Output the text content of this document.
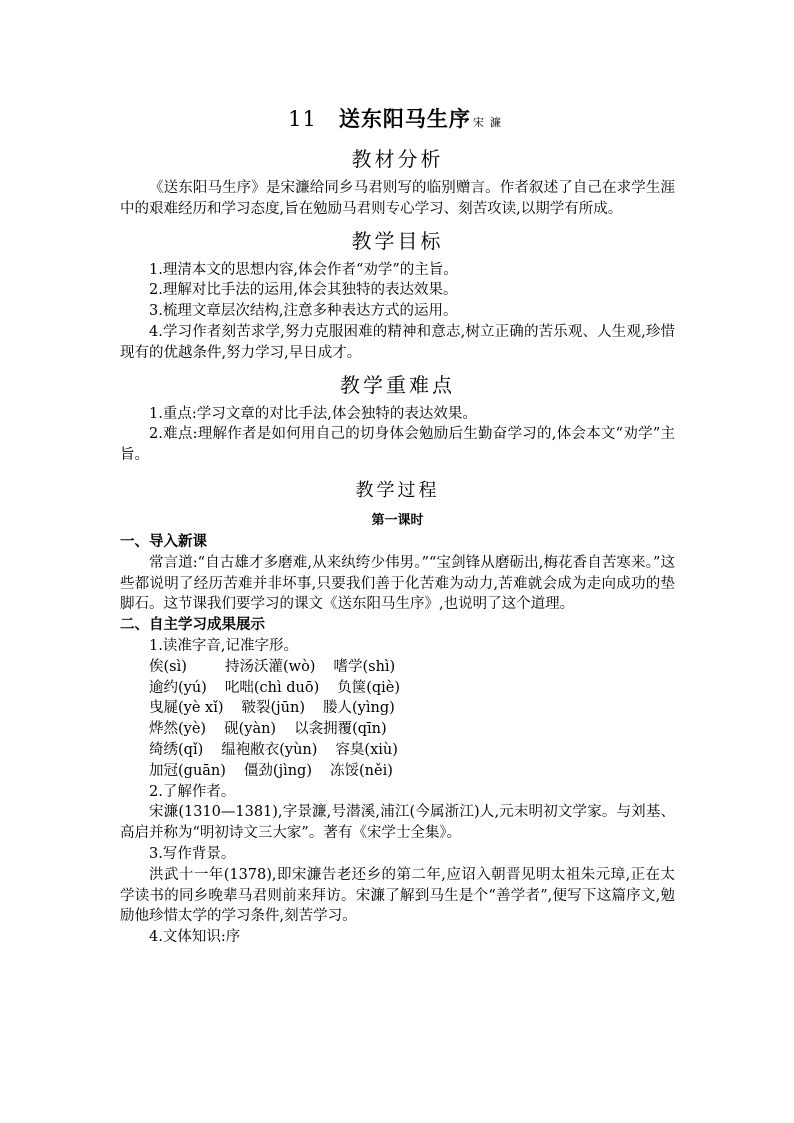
11 送东阳马生序 宋濂
教材分析

《送东阳马生序》是宋濂给同乡马君则写的临别赠言。作者叙述了自己在求学生涯中的艰难经历和学习态度,旨在勉励马君则专心学习、刻苦攻读,以期学有所成。

教学目标

1.理清本文的思想内容,体会作者“劝学”的主旨。

2.理解对比手法的运用,体会其独特的表达效果。

3.梳理文章层次结构,注意多种表达方式的运用。

4.学习作者刻苦求学,努力克服困难的精神和意志,树立正确的苦乐观、人生观,珍惜现有的优越条件,努力学习,早日成才。

教学重难点

1.重点:学习文章的对比手法,体会独特的表达效果。

2.难点:理解作者是如何用自己的切身体会勉励后生勤奋学习的,体会本文“劝学”主旨。

教学过程
第一课时
一、导入新课

常言道:“自古雄才多磨难,从来纨绔少伟男。”“宝剑锋从磨砺出,梅花香自苦寒来。”这些都说明了经历苦难并非坏事,只要我们善于化苦难为动力,苦难就会成为走向成功的垫脚石。这节课我们要学习的课文《送东阳马生序》,也说明了这个道理。

二、自主学习成果展示

1.读准字音,记准字形。

俟(sì)	持汤沃灌(wò) 嗜学(shì)
逾约(yú) 叱咄(chì duō) 负箧(qiè)
曳屣(yè xǐ) 皲裂(jūn) 媵人(yìng)
烨然(yè) 砚(yàn) 以衾拥覆(qīn)
绮绣(qǐ) 缊袍敝衣(yùn) 容臭(xiù)
加冠(guān) 僵劲(jìng) 冻馁(něi)

2.了解作者。

宋濂(1310—1381),字景濂,号潜溪,浦江(今属浙江)人,元末明初文学家。与刘基、高启并称为“明初诗文三大家”。著有《宋学士全集》。

3.写作背景。

洪武十一年(1378),即宋濂告老还乡的第二年,应诏入朝晋见明太祖朱元璋,正在太学读书的同乡晚辈马君则前来拜访。宋濂了解到马生是个“善学者”,便写下这篇序文,勉励他珍惜太学的学习条件,刻苦学习。

4.文体知识:序
